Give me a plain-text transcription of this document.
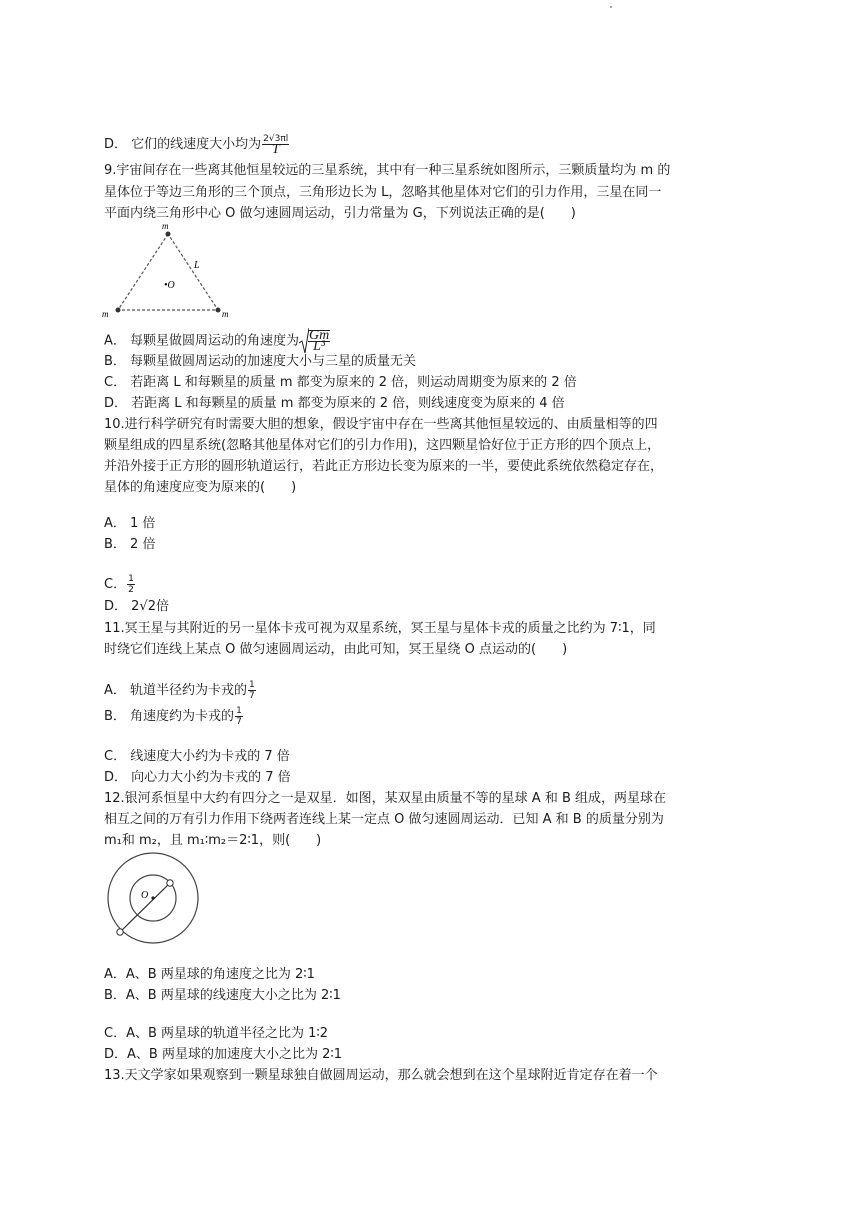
D． 它们的线速度大小均为 $\frac{2√3\pi l}{T}$
9.宇宙间存在一些离其他恒星较远的三星系统，其中有一种三星系统如图所示，三颗质量均为 m 的
星体位于等边三角形的三个顶点，三角形边长为 L，忽略其他星体对它们的引力作用，三星在同一
平面内绕三角形中心 O 做匀速圆周运动，引力常量为 G，下列说法正确的是(　　)
m
m	m
L
•O
A． 每颗星做圆周运动的角速度为 $\frac{Gm}{\text{L³}}$
B． 每颗星做圆周运动的加速度大小与三星的质量无关
C． 若距离 L 和每颗星的质量 m 都变为原来的 2 倍，则运动周期变为原来的 2 倍
D． 若距离 L 和每颗星的质量 m 都变为原来的 2 倍，则线速度变为原来的 4 倍
10.进行科学研究有时需要大胆的想象，假设宇宙中存在一些离其他恒星较远的、由质量相等的四
颗星组成的四星系统(忽略其他星体对它们的引力作用)，这四颗星恰好位于正方形的四个顶点上，
并沿外接于正方形的圆形轨道运行，若此正方形边长变为原来的一半，要使此系统依然稳定存在，
星体的角速度应变为原来的(　　)
A． 1 倍
B． 2 倍
C． $\frac{1}{2}$
D． 2√2倍
11.冥王星与其附近的另一星体卡戎可视为双星系统，冥王星与星体卡戎的质量之比约为 7∶1，同
时绕它们连线上某点 O 做匀速圆周运动，由此可知，冥王星绕 O 点运动的(　　)
A． 轨道半径约为卡戎的 $\frac{1}{7}$
B． 角速度约为卡戎的 $\frac{1}{7}$
C． 线速度大小约为卡戎的 7 倍
D． 向心力大小约为卡戎的 7 倍
12.银河系恒星中大约有四分之一是双星．如图，某双星由质量不等的星球 A 和 B 组成，两星球在
相互之间的万有引力作用下绕两者连线上某一定点 O 做匀速圆周运动．已知 A 和 B 的质量分别为
m₁和 m₂，且 m₁∶m₂＝2∶1，则(　　)
O
A．A、B 两星球的角速度之比为 2∶1
B．A、B 两星球的线速度大小之比为 2∶1
C．A、B 两星球的轨道半径之比为 1∶2
D．A、B 两星球的加速度大小之比为 2∶1
13.天文学家如果观察到一颗星球独自做圆周运动，那么就会想到在这个星球附近肯定存在着一个
